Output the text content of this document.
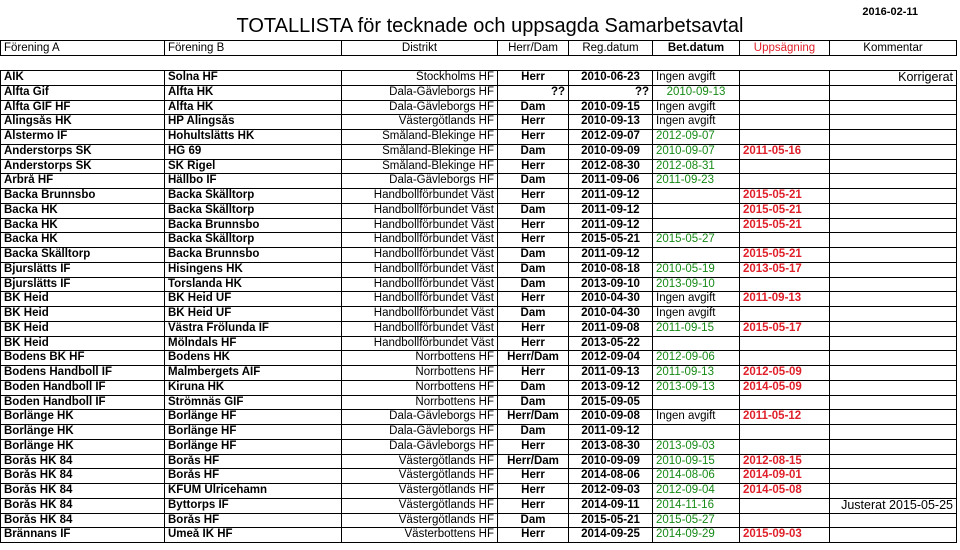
TOTALLISTA för tecknade och uppsagda Samarbetsavtal
2016-02-11
Förening A	Förening B	Distrikt	Herr/Dam	Reg.datum	Bet.datum	Uppsägning	Kommentar
AIK	Solna HF	Stockholms HF	Herr	2010-06-23	Ingen avgift		Korrigerat
Alfta Gif	Alfta HK	Dala-Gävleborgs HF	??	??	2010-09-13		
Alfta GIF HF	Alfta HK	Dala-Gävleborgs HF	Dam	2010-09-15	Ingen avgift		
Alingsås HK	HP Alingsås	Västergötlands HF	Herr	2010-09-13	Ingen avgift		
Alstermo IF	Hohultslätts HK	Småland-Blekinge HF	Herr	2012-09-07	2012-09-07		
Anderstorps SK	HG 69	Småland-Blekinge HF	Dam	2010-09-09	2010-09-07	2011-05-16	
Anderstorps SK	SK Rigel	Småland-Blekinge HF	Herr	2012-08-30	2012-08-31		
Arbrå HF	Hällbo IF	Dala-Gävleborgs HF	Dam	2011-09-06	2011-09-23		
Backa Brunnsbo	Backa Skälltorp	Handbollförbundet Väst	Herr	2011-09-12		2015-05-21	
Backa HK	Backa Skälltorp	Handbollförbundet Väst	Dam	2011-09-12		2015-05-21	
Backa HK	Backa Brunnsbo	Handbollförbundet Väst	Herr	2011-09-12		2015-05-21	
Backa HK	Backa Skälltorp	Handbollförbundet Väst	Herr	2015-05-21	2015-05-27		
Backa Skälltorp	Backa Brunnsbo	Handbollförbundet Väst	Dam	2011-09-12		2015-05-21	
Bjurslätts IF	Hisingens HK	Handbollförbundet Väst	Dam	2010-08-18	2010-05-19	2013-05-17	
Bjurslätts IF	Torslanda HK	Handbollförbundet Väst	Dam	2013-09-10	2013-09-10		
BK Heid	BK Heid UF	Handbollförbundet Väst	Herr	2010-04-30	Ingen avgift	2011-09-13	
BK Heid	BK Heid UF	Handbollförbundet Väst	Dam	2010-04-30	Ingen avgift		
BK Heid	Västra Frölunda IF	Handbollförbundet Väst	Herr	2011-09-08	2011-09-15	2015-05-17	
BK Heid	Mölndals HF	Handbollförbundet Väst	Herr	2013-05-22			
Bodens BK HF	Bodens HK	Norrbottens HF	Herr/Dam	2012-09-04	2012-09-06		
Bodens Handboll IF	Malmbergets AIF	Norrbottens HF	Herr	2011-09-13	2011-09-13	2012-05-09	
Boden Handboll IF	Kiruna HK	Norrbottens HF	Dam	2013-09-12	2013-09-13	2014-05-09	
Boden Handboll IF	Strömnäs GIF	Norrbottens HF	Dam	2015-09-05			
Borlänge HK	Borlänge HF	Dala-Gävleborgs HF	Herr/Dam	2010-09-08	Ingen avgift	2011-05-12	
Borlänge HK	Borlänge HF	Dala-Gävleborgs HF	Dam	2011-09-12			
Borlänge HK	Borlänge HF	Dala-Gävleborgs HF	Herr	2013-08-30	2013-09-03		
Borås HK 84	Borås HF	Västergötlands HF	Herr/Dam	2010-09-09	2010-09-15	2012-08-15	
Borås HK 84	Borås HF	Västergötlands HF	Herr	2014-08-06	2014-08-06	2014-09-01	
Borås HK 84	KFUM Ulricehamn	Västergötlands HF	Herr	2012-09-03	2012-09-04	2014-05-08	
Borås HK 84	Byttorps IF	Västergötlands HF	Herr	2014-09-11	2014-11-16		Justerat 2015-05-25
Borås HK 84	Borås HF	Västergötlands HF	Dam	2015-05-21	2015-05-27		
Brännans IF	Umeå IK HF	Västerbottens HF	Herr	2014-09-25	2014-09-29	2015-09-03	
